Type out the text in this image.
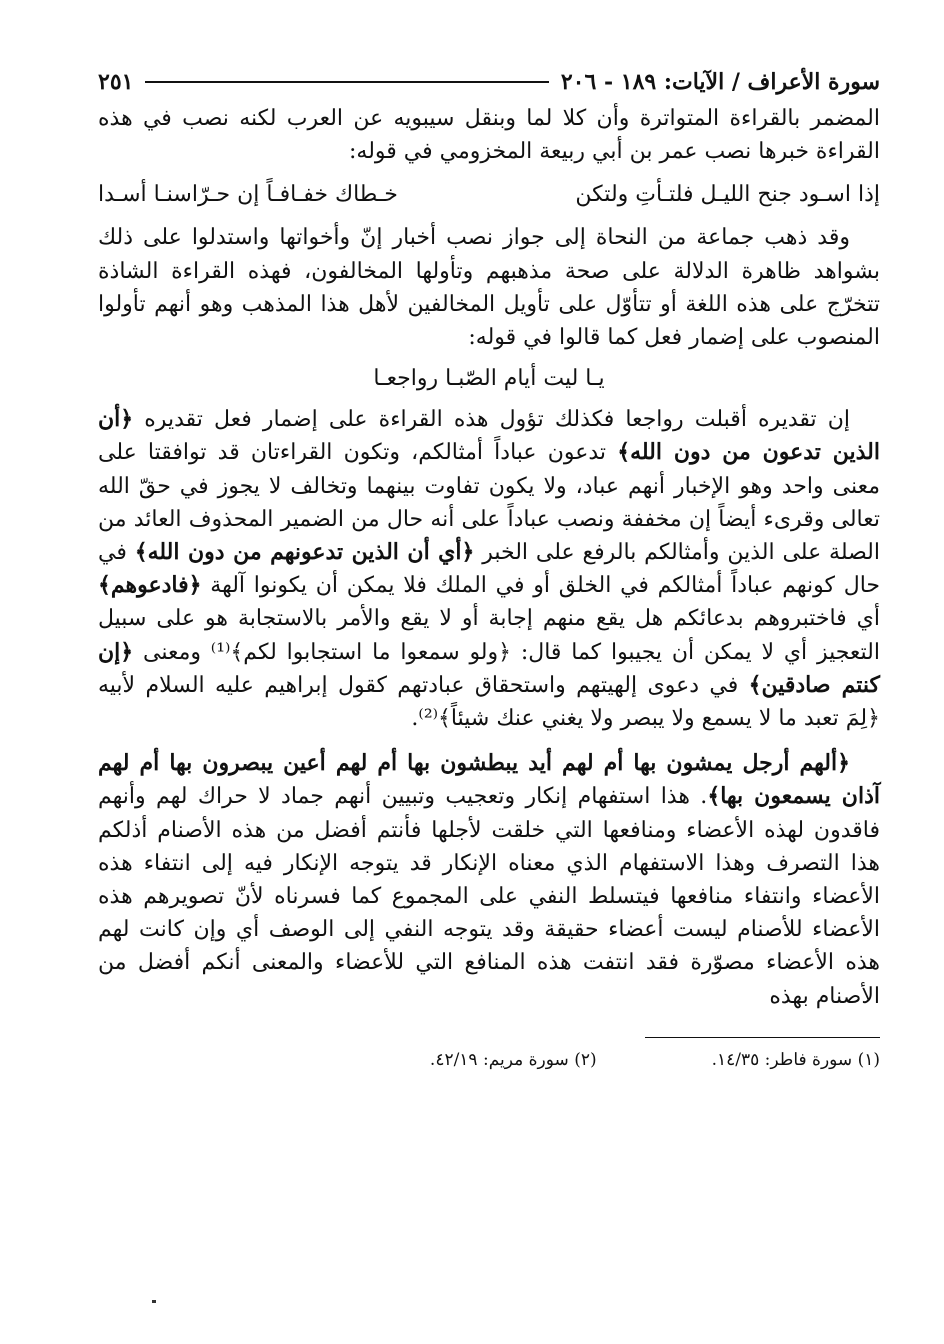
سورة الأعراف / الآيات: ١٨٩ - ٢٠٦
٢٥١

المضمر بالقراءة المتواترة وأن كلا لما وبنقل سيبويه عن العرب لكنه نصب في هذه القراءة خبرها نصب عمر بن أبي ربيعة المخزومي في قوله:

إذا اسـود جنح الليـل فلتـأتِ ولتكن
خـطاك خفـافـاً إن حـرّاسنـا أسـدا

وقد ذهب جماعة من النحاة إلى جواز نصب أخبار إنّ وأخواتها واستدلوا على ذلك بشواهد ظاهرة الدلالة على صحة مذهبهم وتأولها المخالفون، فهذه القراءة الشاذة تتخرّج على هذه اللغة أو تتأوّل على تأويل المخالفين لأهل هذا المذهب وهو أنهم تأولوا المنصوب على إضمار فعل كما قالوا في قوله:

يـا ليت أيام الصّبـا رواجعـا

إن تقديره أقبلت رواجعا فكذلك تؤول هذه القراءة على إضمار فعل تقديره ﴿أن الذين تدعون من دون الله﴾ تدعون عباداً أمثالكم، وتكون القراءتان قد توافقتا على معنى واحد وهو الإخبار أنهم عباد، ولا يكون تفاوت بينهما وتخالف لا يجوز في حقّ الله تعالى وقرىء أيضاً إن مخففة ونصب عباداً على أنه حال من الضمير المحذوف العائد من الصلة على الذين وأمثالكم بالرفع على الخبر ﴿أي أن الذين تدعونهم من دون الله﴾ في حال كونهم عباداً أمثالكم في الخلق أو في الملك فلا يمكن أن يكونوا آلهة ﴿فادعوهم﴾ أي فاختبروهم بدعائكم هل يقع منهم إجابة أو لا يقع والأمر بالاستجابة هو على سبيل التعجيز أي لا يمكن أن يجيبوا كما قال: ﴿ولو سمعوا ما استجابوا لكم﴾⁽¹⁾ ومعنى ﴿إن كنتم صادقين﴾ في دعوى إلهيتهم واستحقاق عبادتهم كقول إبراهيم عليه السلام لأبيه ﴿لِمَ تعبد ما لا يسمع ولا يبصر ولا يغني عنك شيئاً﴾⁽²⁾.

﴿ألهم أرجل يمشون بها أم لهم أيد يبطشون بها أم لهم أعين يبصرون بها أم لهم آذان يسمعون بها﴾. هذا استفهام إنكار وتعجيب وتبيين أنهم جماد لا حراك لهم وأنهم فاقدون لهذه الأعضاء ومنافعها التي خلقت لأجلها فأنتم أفضل من هذه الأصنام أذلكم هذا التصرف وهذا الاستفهام الذي معناه الإنكار قد يتوجه الإنكار فيه إلى انتفاء هذه الأعضاء وانتفاء منافعها فيتسلط النفي على المجموع كما فسرناه لأنّ تصويرهم هذه الأعضاء للأصنام ليست أعضاء حقيقة وقد يتوجه النفي إلى الوصف أي وإن كانت لهم هذه الأعضاء مصوّرة فقد انتفت هذه المنافع التي للأعضاء والمعنى أنكم أفضل من الأصنام بهذه

(١) سورة فاطر: ١٤/٣٥.
(٢) سورة مريم: ٤٢/١٩.
